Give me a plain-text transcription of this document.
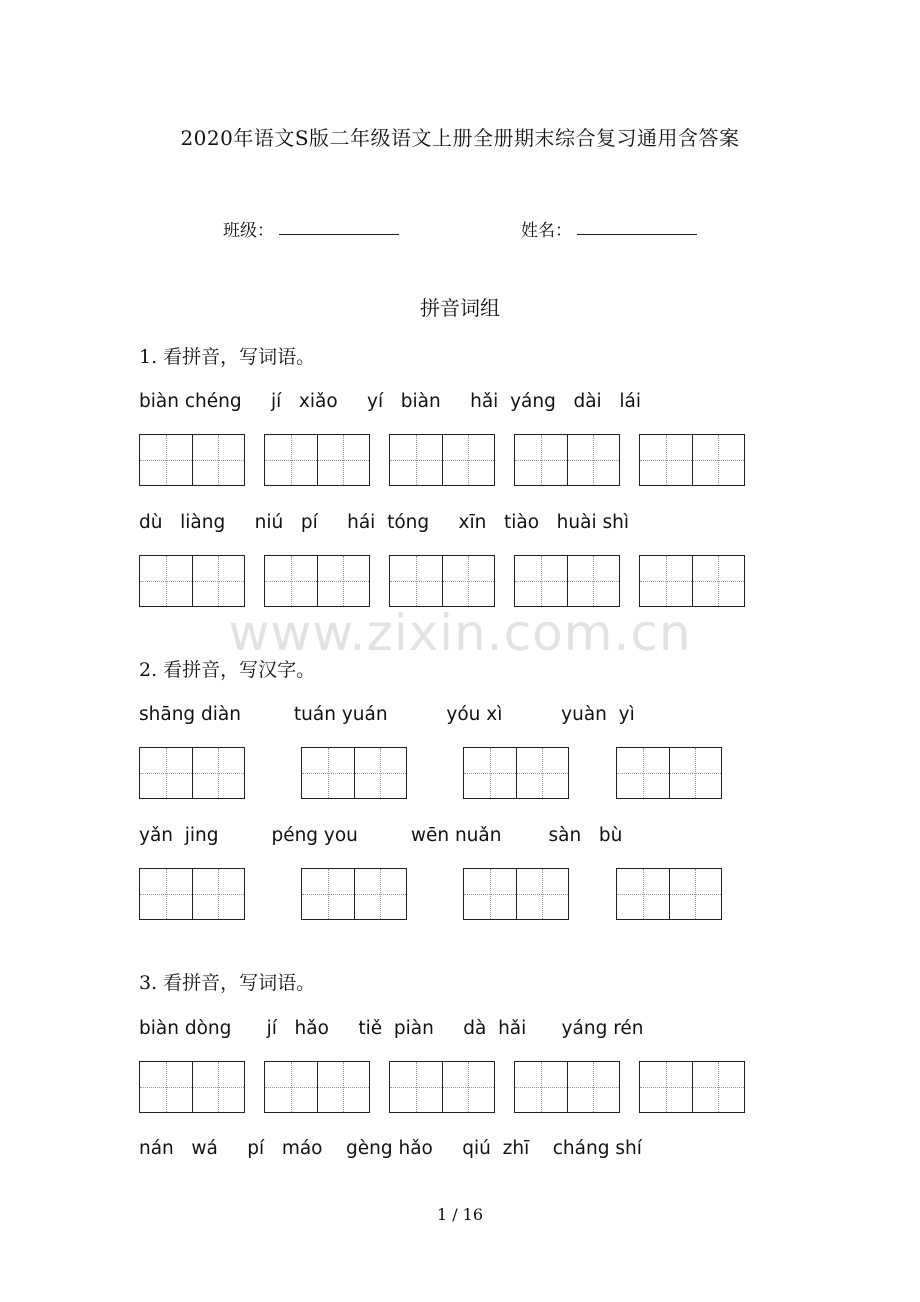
2020年语文S版二年级语文上册全册期末综合复习通用含答案
班级：	姓名：
拼音词组
1. 看拼音，写词语。
biàn chéng     jí   xiǎo     yí   biàn     hǎi  yáng   dài   lái
dù   liàng     niú   pí     hái  tóng     xīn   tiào   huài shì
www.zixin.com.cn
2. 看拼音，写汉字。
shāng diàn         tuán yuán          yóu xì          yuàn  yì
yǎn  jing         péng you         wēn nuǎn        sàn   bù
3. 看拼音，写词语。
biàn dòng      jí   hǎo     tiě  piàn     dà  hǎi      yáng rén
nán   wá     pí   máo    gèng hǎo     qiú  zhī    cháng shí
1 / 16
